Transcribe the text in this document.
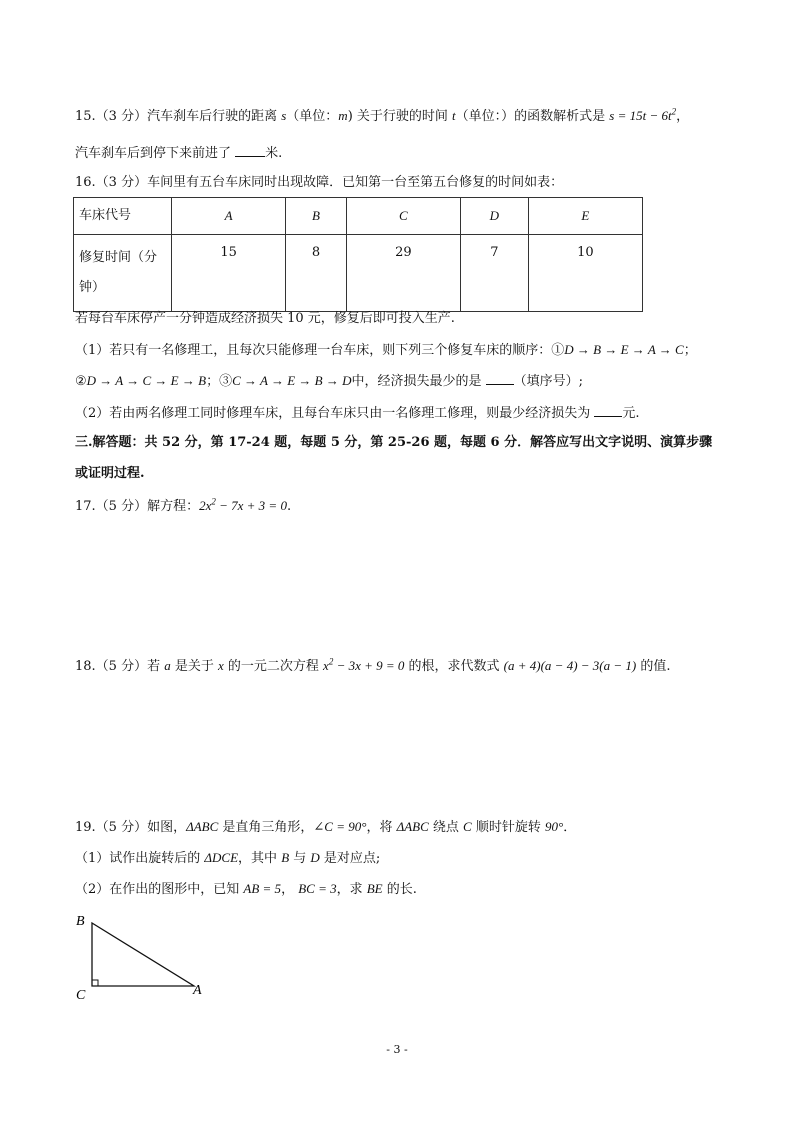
15.（3 分）汽车刹车后行驶的距离 s（单位：m) 关于行驶的时间 t（单位：）的函数解析式是 $s = 15t - 6t^2$，
汽车刹车后到停下来前进了 米.
16.（3 分）车间里有五台车床同时出现故障．已知第一台至第五台修复的时间如表：
车床代号	A	B	C	D	E
修复时间（分钟）	15	8	29	7	10
若每台车床停产一分钟造成经济损失 10 元，修复后即可投入生产.
（1）若只有一名修理工，且每次只能修理一台车床，则下列三个修复车床的顺序：①D → B → E → A → C；
②D → A → C → E → B；③C → A → E → B → D中，经济损失最少的是 （填序号）;
（2）若由两名修理工同时修理车床，且每台车床只由一名修理工修理，则最少经济损失为 元.
三.解答题：共 52 分，第 17-24 题，每题 5 分，第 25-26 题，每题 6 分．解答应写出文字说明、演算步骤
或证明过程.
17.（5 分）解方程：$2x^2 - 7x + 3 = 0$.
18.（5 分）若 a 是关于 x 的一元二次方程 $x^2 - 3x + 9 = 0$ 的根，求代数式 (a + 4)(a − 4) − 3(a − 1) 的值.
19.（5 分）如图，ΔABC 是直角三角形，∠C = 90°，将 ΔABC 绕点 C 顺时针旋转 90°．
（1）试作出旋转后的 ΔDCE，其中 B 与 D 是对应点;
（2）在作出的图形中，已知 AB = 5， BC = 3，求 BE 的长.
B
C	A
- 3 -
